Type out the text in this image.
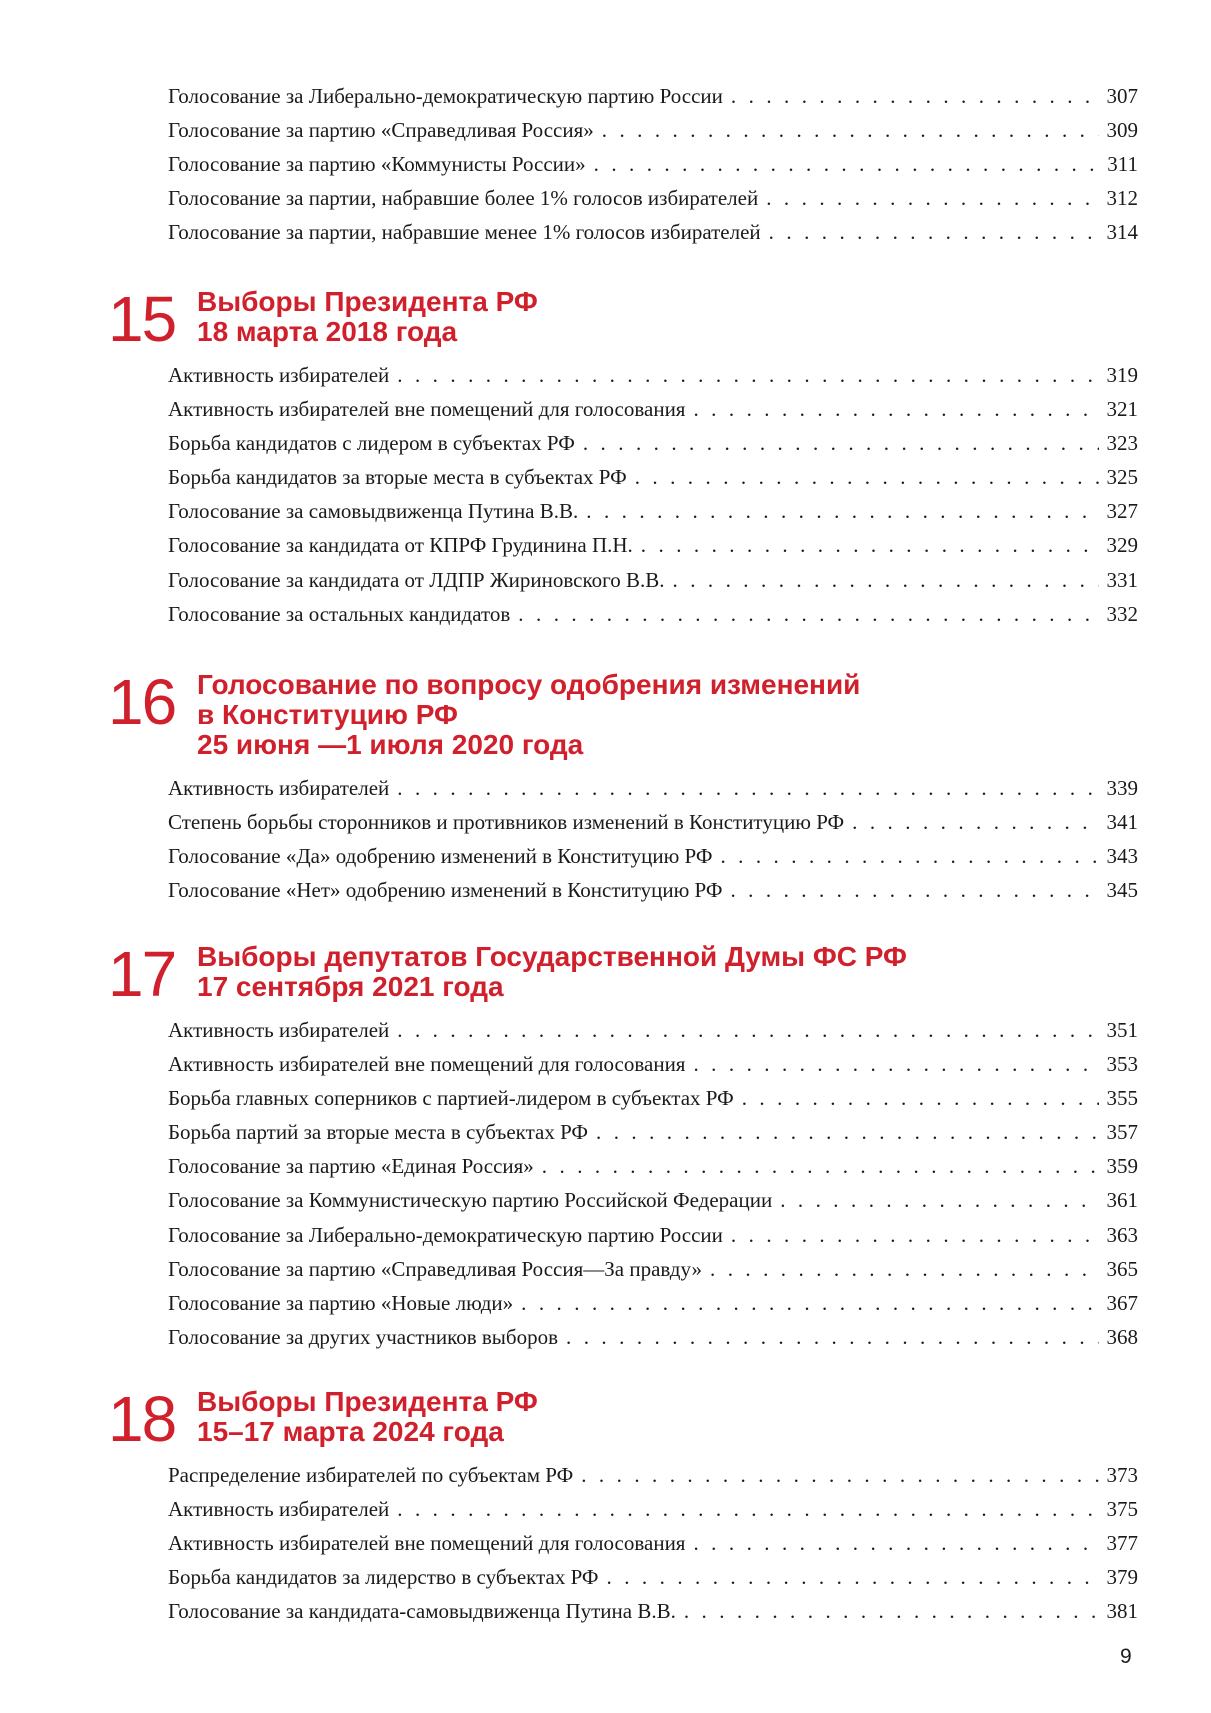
Голосование за Либерально-демократическую партию России . . .	307
Голосование за партию «Справедливая Россия» . . .	309
Голосование за партию «Коммунисты России» . . .	311
Голосование за партии, набравшие более 1% голосов избирателей . . .	312
Голосование за партии, набравшие менее 1% голосов избирателей . . .	314
15 Выборы Президента РФ
18 марта 2018 года
Активность избирателей . . .	319
Активность избирателей вне помещений для голосования . . .	321
Борьба кандидатов с лидером в субъектах РФ . . .	323
Борьба кандидатов за вторые места в субъектах РФ . . .	325
Голосование за самовыдвиженца Путина В.В. . . .	327
Голосование за кандидата от КПРФ Грудинина П.Н. . . .	329
Голосование за кандидата от ЛДПР Жириновского В.В. . . .	331
Голосование за остальных кандидатов . . .	332
16 Голосование по вопросу одобрения изменений
в Конституцию РФ
25 июня —1 июля 2020 года
Активность избирателей . . .	339
Степень борьбы сторонников и противников изменений в Конституцию РФ . . .	341
Голосование «Да» одобрению изменений в Конституцию РФ . . .	343
Голосование «Нет» одобрению изменений в Конституцию РФ . . .	345
17 Выборы депутатов Государственной Думы ФС РФ
17 сентября 2021 года
Активность избирателей . . .	351
Активность избирателей вне помещений для голосования . . .	353
Борьба главных соперников с партией-лидером в субъектах РФ . . .	355
Борьба партий за вторые места в субъектах РФ . . .	357
Голосование за партию «Единая Россия» . . .	359
Голосование за Коммунистическую партию Российской Федерации . . .	361
Голосование за Либерально-демократическую партию России . . .	363
Голосование за партию «Справедливая Россия—За правду» . . .	365
Голосование за партию «Новые люди» . . .	367
Голосование за других участников выборов . . .	368
18 Выборы Президента РФ
15–17 марта 2024 года
Распределение избирателей по субъектам РФ . . .	373
Активность избирателей . . .	375
Активность избирателей вне помещений для голосования . . .	377
Борьба кандидатов за лидерство в субъектах РФ . . .	379
Голосование за кандидата-самовыдвиженца Путина В.В. . . .	381
9
